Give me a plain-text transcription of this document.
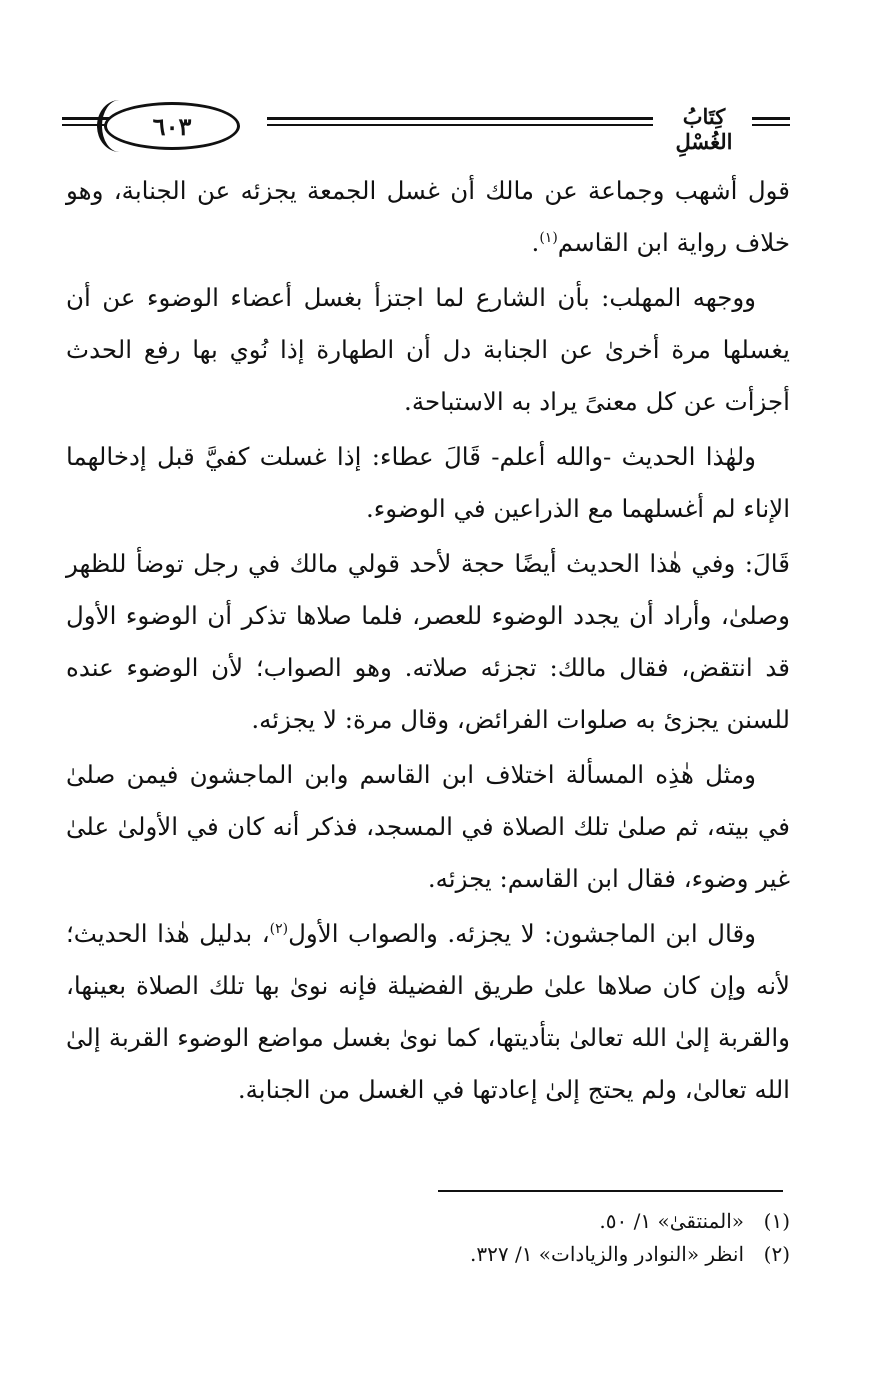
٦٠٣	كِتَابُ الغُسْلِ

قول أشهب وجماعة عن مالك أن غسل الجمعة يجزئه عن الجنابة، وهو خلاف رواية ابن القاسم$^{(١)}$.

ووجهه المهلب: بأن الشارع لما اجتزأ بغسل أعضاء الوضوء عن أن يغسلها مرة أخرىٰ عن الجنابة دل أن الطهارة إذا نُوي بها رفع الحدث أجزأت عن كل معنىً يراد به الاستباحة.

ولهٰذا الحديث -والله أعلم- قَالَ عطاء: إذا غسلت كفيَّ قبل إدخالهما الإناء لم أغسلهما مع الذراعين في الوضوء.

قَالَ: وفي هٰذا الحديث أيضًا حجة لأحد قولي مالك في رجل توضأ للظهر وصلىٰ، وأراد أن يجدد الوضوء للعصر، فلما صلاها تذكر أن الوضوء الأول قد انتقض، فقال مالك: تجزئه صلاته. وهو الصواب؛ لأن الوضوء عنده للسنن يجزئ به صلوات الفرائض، وقال مرة: لا يجزئه.

ومثل هٰذِه المسألة اختلاف ابن القاسم وابن الماجشون فيمن صلىٰ في بيته، ثم صلىٰ تلك الصلاة في المسجد، فذكر أنه كان في الأولىٰ علىٰ غير وضوء، فقال ابن القاسم: يجزئه.

وقال ابن الماجشون: لا يجزئه. والصواب الأول$^{(٢)}$، بدليل هٰذا الحديث؛ لأنه وإن كان صلاها علىٰ طريق الفضيلة فإنه نوىٰ بها تلك الصلاة بعينها، والقربة إلىٰ الله تعالىٰ بتأديتها، كما نوىٰ بغسل مواضع الوضوء القربة إلىٰ الله تعالىٰ، ولم يحتج إلىٰ إعادتها في الغسل من الجنابة.

(١)«المنتقىٰ» ١/ ٥٠.
(٢)انظر «النوادر والزيادات» ١/ ٣٢٧.
